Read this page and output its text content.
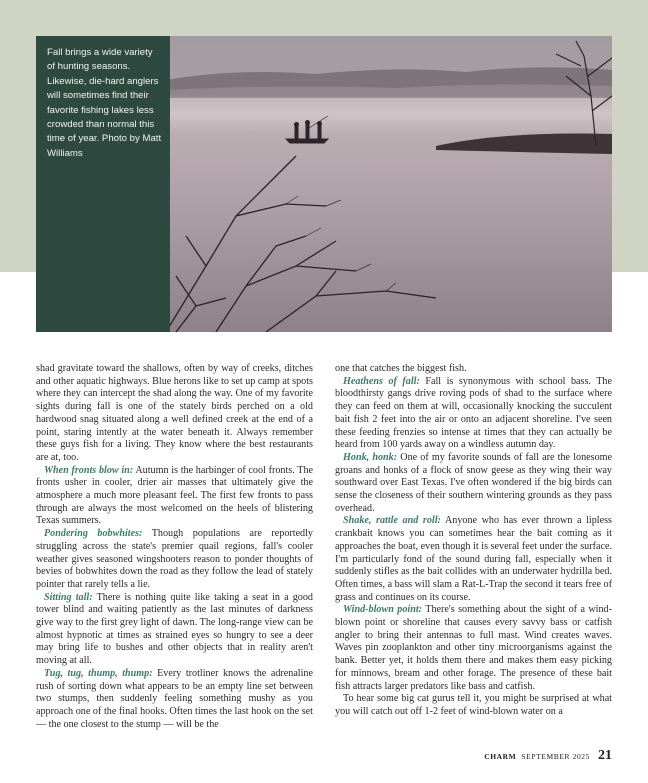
Fall brings a wide variety of hunting seasons. Likewise, die-hard anglers will sometimes find their favorite fishing lakes less crowded than normal this time of year. Photo by Matt Williams

shad gravitate toward the shallows, often by way of creeks, ditches and other aquatic highways. Blue herons like to set up camp at spots where they can intercept the shad along the way. One of my favorite sights during fall is one of the stately birds perched on a old hardwood snag situated along a well defined creek at the end of a point, staring intently at the water beneath it. Always remember these guys fish for a living. They know where the best restaurants are at, too.

When fronts blow in: Autumn is the harbinger of cool fronts. The fronts usher in cooler, drier air masses that ultimately give the atmosphere a much more pleasant feel. The first few fronts to pass through are always the most welcomed on the heels of blistering Texas summers.

Pondering bobwhites: Though populations are reportedly struggling across the state's premier quail regions, fall's cooler weather gives seasoned wingshooters reason to ponder thoughts of bevies of bobwhites down the road as they follow the lead of stately pointer that rarely tells a lie.

Sitting tall: There is nothing quite like taking a seat in a good tower blind and waiting patiently as the last minutes of darkness give way to the first grey light of dawn. The long-range view can be almost hypnotic at times as strained eyes so hungry to see a deer may bring life to bushes and other objects that in reality aren't moving at all.

Tug, tug, thump, thump: Every trotliner knows the adrenaline rush of sorting down what appears to be an empty line set between two stumps, then suddenly feeling something mushy as you approach one of the final hooks. Often times the last hook on the set — the one closest to the stump — will be the

one that catches the biggest fish.

Heathens of fall: Fall is synonymous with school bass. The bloodthirsty gangs drive roving pods of shad to the surface where they can feed on them at will, occasionally knocking the succulent bait fish 2 feet into the air or onto an adjacent shoreline. I've seen these feeding frenzies so intense at times that they can actually be heard from 100 yards away on a windless autumn day.

Honk, honk: One of my favorite sounds of fall are the lonesome groans and honks of a flock of snow geese as they wing their way southward over East Texas. I've often wondered if the big birds can sense the closeness of their southern wintering grounds as they pass overhead.

Shake, rattle and roll: Anyone who has ever thrown a lipless crankbait knows you can sometimes hear the bait coming as it approaches the boat, even though it is several feet under the surface. I'm particularly fond of the sound during fall, especially when it suddenly stifles as the bait collides with an underwater hydrilla bed. Often times, a bass will slam a Rat-L-Trap the second it tears free of grass and continues on its course.

Wind-blown point: There's something about the sight of a wind-blown point or shoreline that causes every savvy bass or catfish angler to bring their antennas to full mast. Wind creates waves. Waves pin zooplankton and other tiny microorganisms against the bank. Better yet, it holds them there and makes them easy picking for minnows, bream and other forage. The presence of these bait fish attracts larger predators like bass and catfish.

To hear some big cat gurus tell it, you might be surprised at what you will catch out off 1-2 feet of wind-blown water on a

CHARM SEPTEMBER 2025 21
